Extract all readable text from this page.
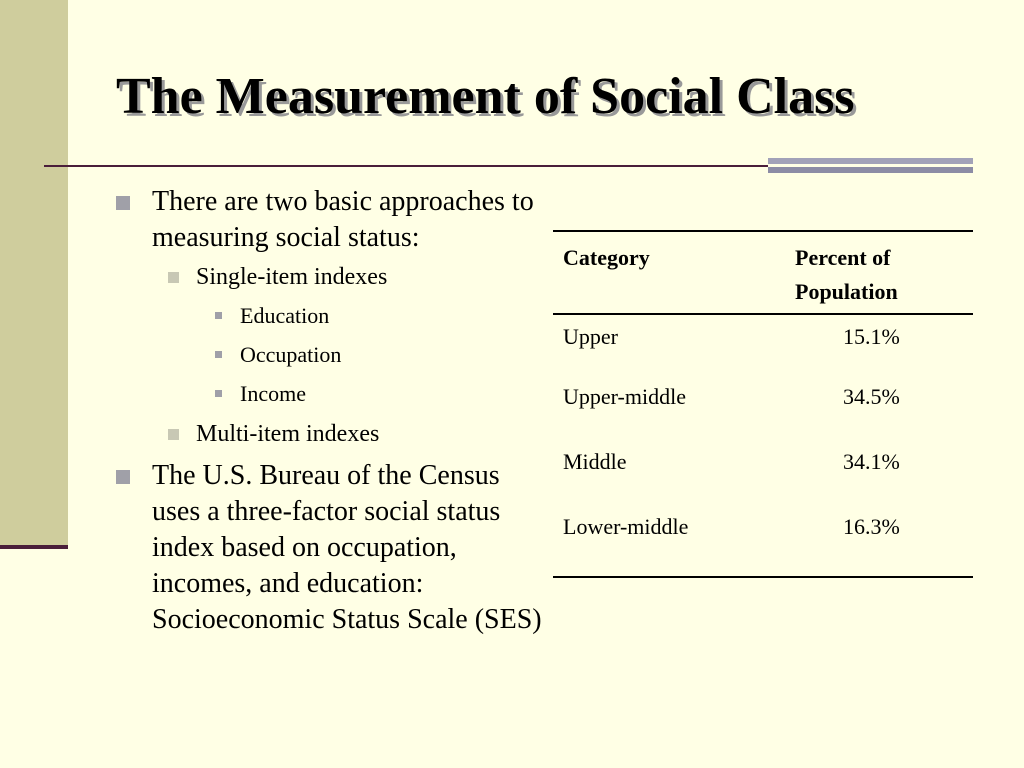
The Measurement of Social Class
There are two basic approaches to measuring social status:
Single-item indexes
Education
Occupation
Income
Multi-item indexes
The U.S. Bureau of the Census uses a three-factor social status index based on occupation, incomes, and education: Socioeconomic Status Scale (SES)
Category	Percent of Population
Upper	15.1%
Upper-middle	34.5%
Middle	34.1%
Lower-middle	16.3%
